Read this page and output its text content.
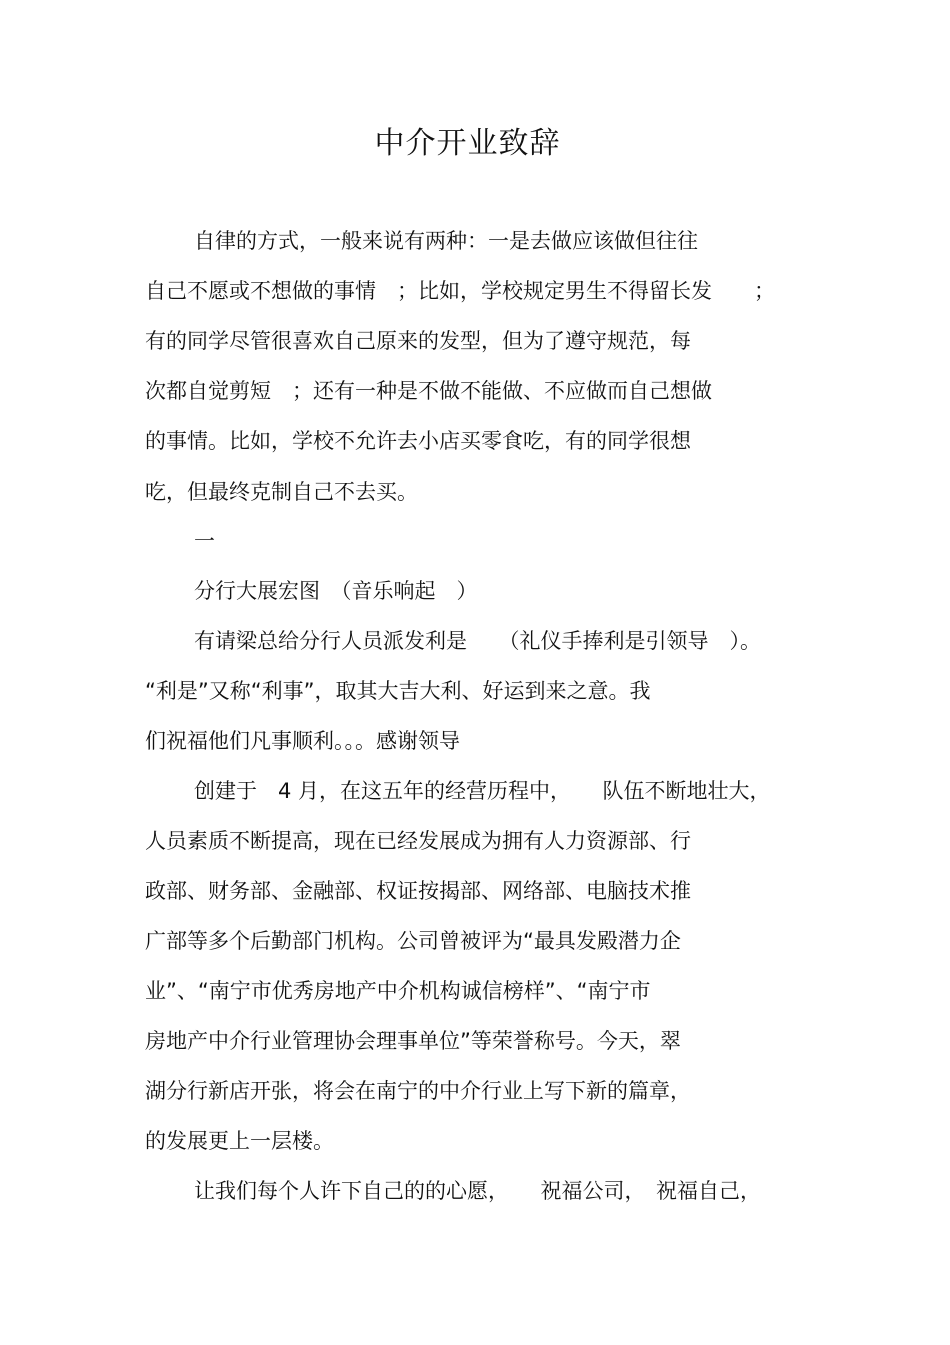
中介开业致辞
自律的方式，一般来说有两种：一是去做应该做但往往
自己不愿或不想做的事情　；比如，学校规定男生不得留长发　　；
有的同学尽管很喜欢自己原来的发型，但为了遵守规范，每
次都自觉剪短　；还有一种是不做不能做、不应做而自己想做
的事情。比如，学校不允许去小店买零食吃，有的同学很想
吃，但最终克制自己不去买。
一
分行大展宏图　（音乐响起　）
有请梁总给分行人员派发利是　　（礼仪手捧利是引领导　）。
“利是”又称“利事”，取其大吉大利、好运到来之意。我
们祝福他们凡事顺利。。。感谢领导
创建于　4 月，在这五年的经营历程中，　　队伍不断地壮大，
人员素质不断提高，现在已经发展成为拥有人力资源部、行
政部、财务部、金融部、权证按揭部、网络部、电脑技术推
广部等多个后勤部门机构。公司曾被评为“最具发殿潜力企
业”、“南宁市优秀房地产中介机构诚信榜样”、“南宁市
房地产中介行业管理协会理事单位”等荣誉称号。今天，翠
湖分行新店开张，将会在南宁的中介行业上写下新的篇章，
的发展更上一层楼。
让我们每个人许下自己的的心愿，　　祝福公司，　祝福自己，
